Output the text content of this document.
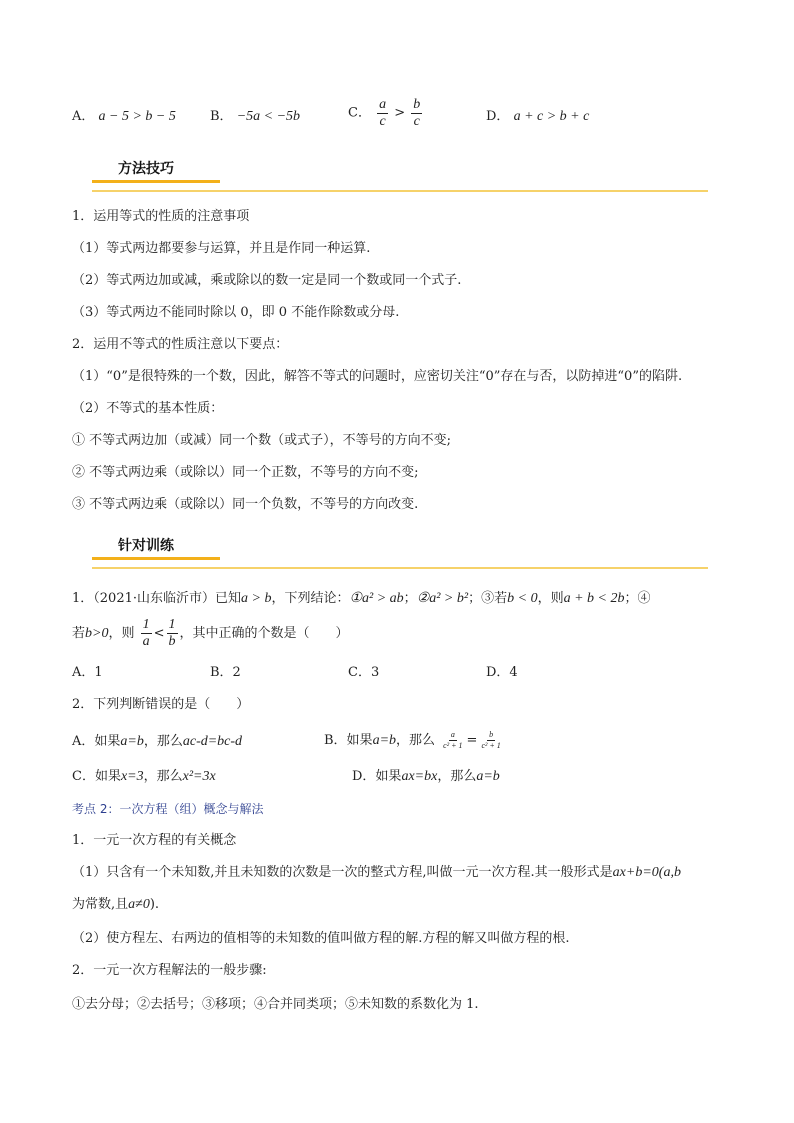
A． a − 5 > b − 5	B． −5a < −5b	C． $\frac{a}{c} > \frac{b}{c}$	D． a + c > b + c
方法技巧
1．运用等式的性质的注意事项
（1）等式两边都要参与运算，并且是作同一种运算.
（2）等式两边加或减，乘或除以的数一定是同一个数或同一个式子.
（3）等式两边不能同时除以 0，即 0 不能作除数或分母.
2．运用不等式的性质注意以下要点：
（1）“0”是很特殊的一个数，因此，解答不等式的问题时，应密切关注“0”存在与否，以防掉进“0”的陷阱.
（2）不等式的基本性质：
① 不等式两边加（或减）同一个数（或式子），不等号的方向不变;
② 不等式两边乘（或除以）同一个正数，不等号的方向不变;
③ 不等式两边乘（或除以）同一个负数，不等号的方向改变.
针对训练
1．（2021·山东临沂市）已知a > b，下列结论：①a² > ab；②a² > b²；③若b < 0，则a + b < 2b；④
若b>0，则 $\frac{1}{a} < \frac{1}{b}$ ，其中正确的个数是（　　）
A．1	B．2	C．3	D．4
2．下列判断错误的是（　　）
A．如果a=b，那么ac-d=bc-d	B．如果a=b，那么 $\frac{a}{\text{c² + 1}} = \frac{b}{\text{c² + 1}}$
C．如果x=3，那么x²=3x	D．如果ax=bx，那么a=b
考点 2：一次方程（组）概念与解法
1．一元一次方程的有关概念
（1）只含有一个未知数,并且未知数的次数是一次的整式方程,叫做一元一次方程.其一般形式是ax+b=0(a,b
为常数,且a≠0).
（2）使方程左、右两边的值相等的未知数的值叫做方程的解.方程的解又叫做方程的根.
2．一元一次方程解法的一般步骤:
①去分母；②去括号；③移项；④合并同类项；⑤未知数的系数化为 1.
